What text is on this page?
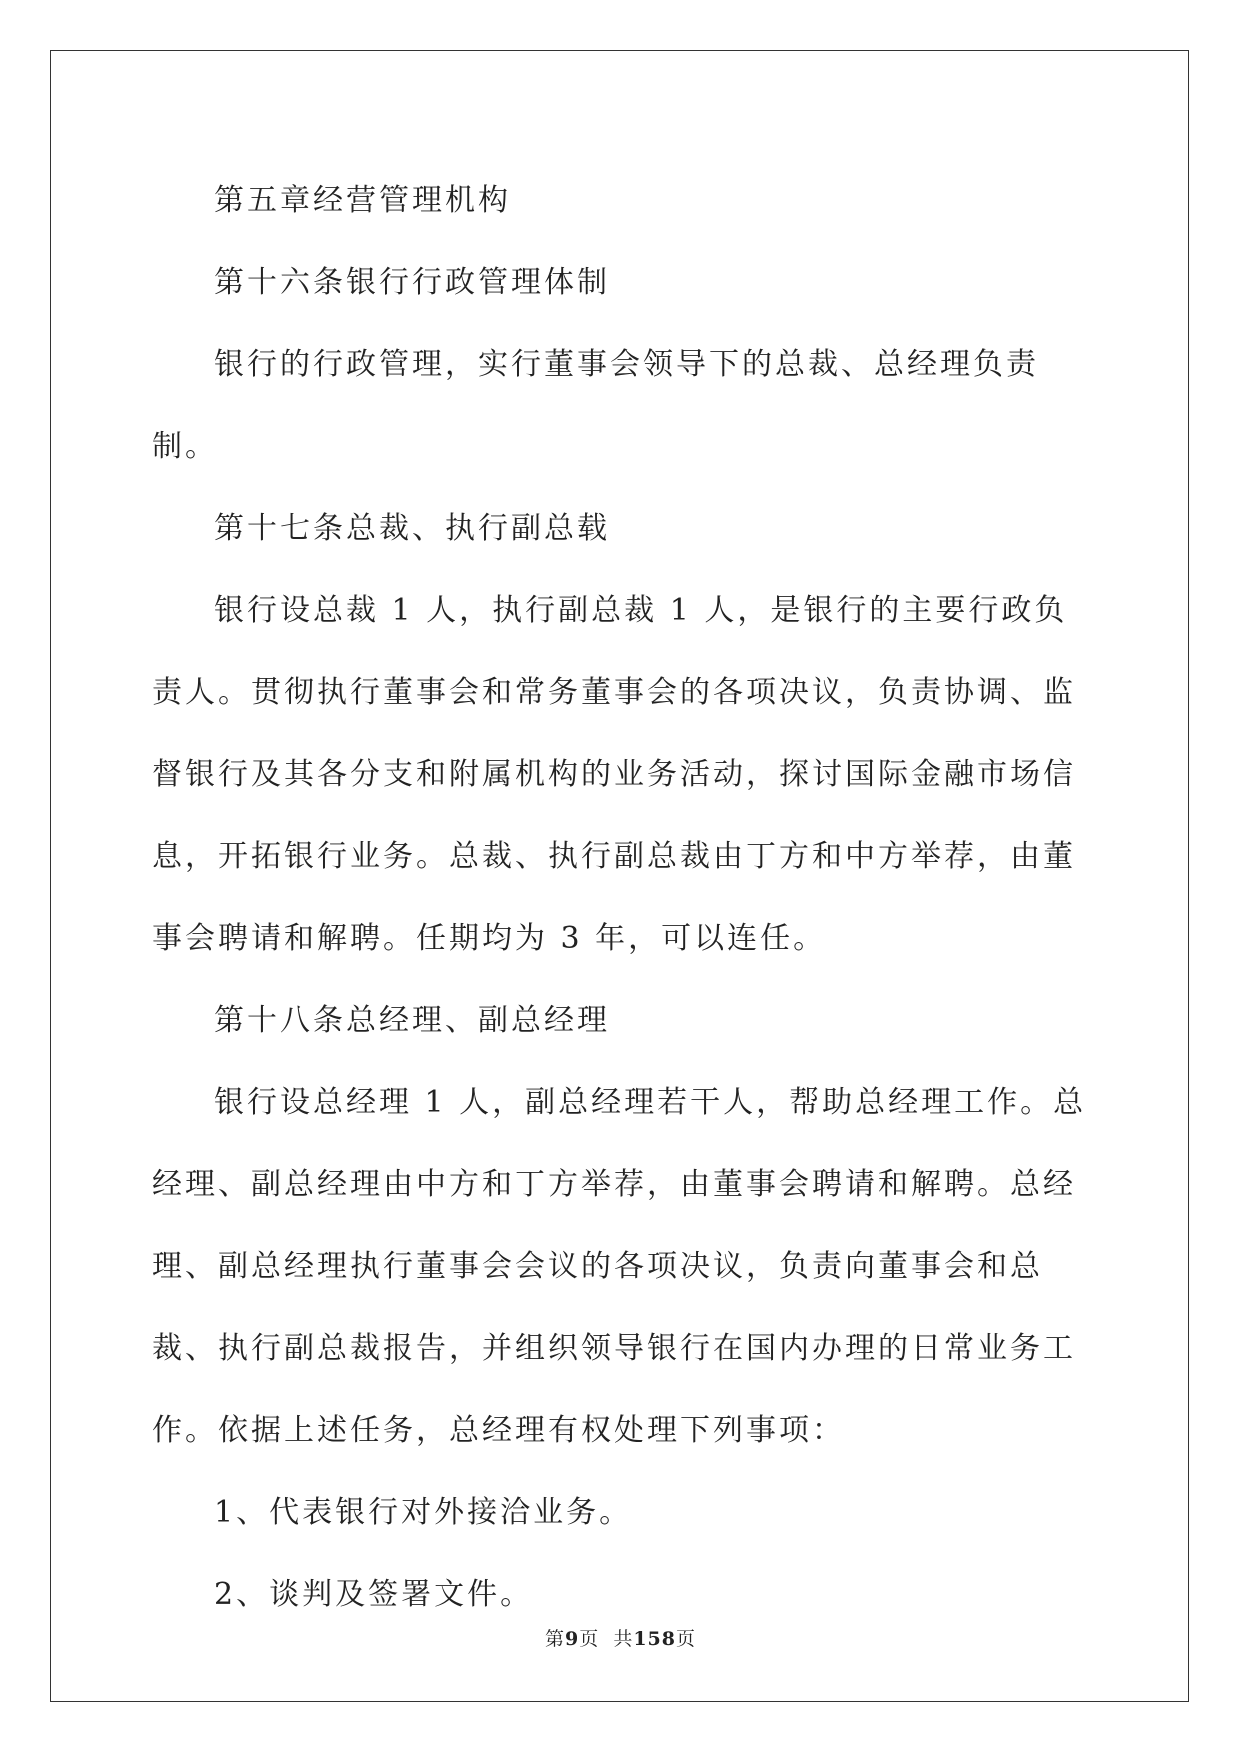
第五章经营管理机构

第十六条银行行政管理体制

银行的行政管理，实行董事会领导下的总裁、总经理负责制。

第十七条总裁、执行副总载

银行设总裁 1 人，执行副总裁 1 人，是银行的主要行政负责人。贯彻执行董事会和常务董事会的各项决议，负责协调、监督银行及其各分支和附属机构的业务活动，探讨国际金融市场信息，开拓银行业务。总裁、执行副总裁由丁方和中方举荐，由董事会聘请和解聘。任期均为 3 年，可以连任。

第十八条总经理、副总经理

银行设总经理 1 人，副总经理若干人，帮助总经理工作。总经理、副总经理由中方和丁方举荐，由董事会聘请和解聘。总经理、副总经理执行董事会会议的各项决议，负责向董事会和总裁、执行副总裁报告，并组织领导银行在国内办理的日常业务工作。依据上述任务，总经理有权处理下列事项：

1、代表银行对外接洽业务。

2、谈判及签署文件。

第9页  共158页
